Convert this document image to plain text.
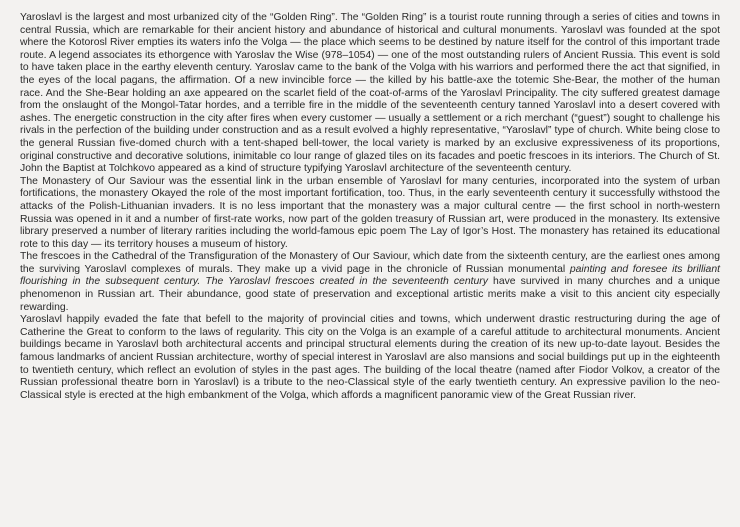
Yaroslavl is the largest and most urbanized city of the “Golden Ring”. The “Golden Ring” is a tourist route running through a series of cities and towns in central Russia, which are remarkable for their ancient history and abundance of historical and cultural monuments. Yaroslavl was founded at the spot where the Kotorosl River empties its waters info the Volga — the place which seems to be destined by nature itself for the control of this important trade route. A legend associates its ethorgence with Yaroslav the Wise (978–1054) — one of the most outstanding rulers of Ancient Russia. This event is sold to have taken place in the earthy eleventh century. Yaroslav came to the bank of the Volga with his warriors and performed there the act that signified, in the eyes of the local pagans, the affirmation. Of a new invincible force — the killed by his battle-axe the totemic She-Bear, the mother of the human race. And the She-Bear holding an axe appeared on the scarlet field of the coat-of-arms of the Yaroslavl Principality. The city suffered greatest damage from the onslaught of the Mongol-Tatar hordes, and a terrible fire in the middle of the seventeenth century tanned Yaroslavl into a desert covered with ashes. The energetic construction in the city after fires when every customer — usually a settlement or a rich merchant (“guest”) sought to challenge his rivals in the perfection of the building under construction and as a result evolved a highly representative, “Yaroslavl” type of church. White being close to the general Russian five-domed church with a tent-shaped bell-tower, the local variety is marked by an exclusive expressiveness of its proportions, original constructive and decorative solutions, inimitable co lour range of glazed tiles on its facades and poetic frescoes in its interiors. The Church of St. John the Baptist at Tolchkovo appeared as a kind of structure typifying Yaroslavl architecture of the seventeenth century.

The Monastery of Our Saviour was the essential link in the urban ensemble of Yaroslavl for many centuries, incorporated into the system of urban fortifications, the monastery Okayed the role of the most important fortification, too. Thus, in the early seventeenth century it successfully withstood the attacks of the Polish-Lithuanian invaders. It is no less important that the monastery was a major cultural centre — the first school in north-western Russia was opened in it and a number of first-rate works, now part of the golden treasury of Russian art, were produced in the monastery. Its extensive library preserved a number of literary rarities including the world-famous epic poem The Lay of Igor’s Host. The monastery has retained its educational rote to this day — its territory houses a museum of history.

The frescoes in the Cathedral of the Transfiguration of the Monastery of Our Saviour, which date from the sixteenth century, are the earliest ones among the surviving Yaroslavl complexes of murals. They make up a vivid page in the chronicle of Russian monumental painting and foresee its brilliant flourishing in the subsequent century. The Yaroslavl frescoes created in the seventeenth century have survived in many churches and a unique phenomenon in Russian art. Their abundance, good state of preservation and exceptional artistic merits make a visit to this ancient city especially rewarding.

Yaroslavl happily evaded the fate that befell to the majority of provincial cities and towns, which underwent drastic restructuring during the age of Catherine the Great to conform to the laws of regularity. This city on the Volga is an example of a careful attitude to architectural monuments. Ancient buildings became in Yaroslavl both architectural accents and principal structural elements during the creation of its new up-to-date layout. Besides the famous landmarks of ancient Russian architecture, worthy of special interest in Yaroslavl are also mansions and social buildings put up in the eighteenth to twentieth century, which reflect an evolution of styles in the past ages. The building of the local theatre (named after Fiodor Volkov, a creator of the Russian professional theatre born in Yaroslavl) is a tribute to the neo-Classical style of the early twentieth century. An expressive pavilion lo the neo-Classical style is erected at the high embankment of the Volga, which affords a magnificent panoramic view of the Great Russian river.
